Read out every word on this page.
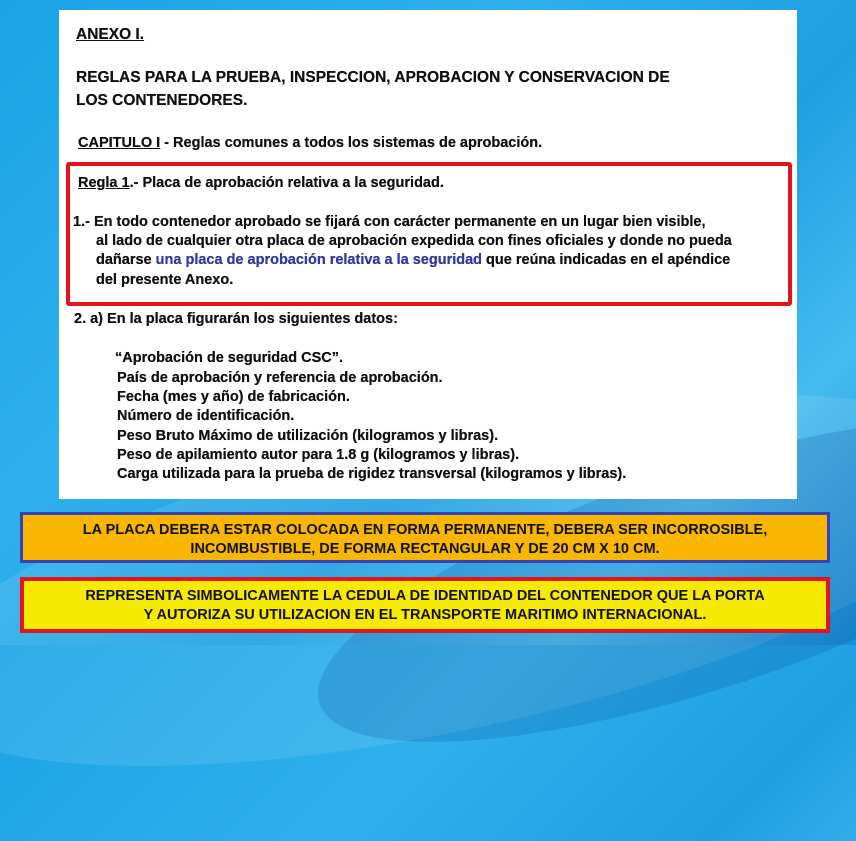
ANEXO I.
REGLAS PARA LA PRUEBA, INSPECCION, APROBACION Y CONSERVACION DE
LOS CONTENEDORES.
CAPITULO I - Reglas comunes a todos los sistemas de aprobación.
Regla 1.- Placa de aprobación relativa a la seguridad.
1.- En todo contenedor aprobado se fijará con carácter permanente en un lugar bien visible,
al lado de cualquier otra placa de aprobación expedida con fines oficiales y donde no pueda
dañarse una placa de aprobación relativa a la seguridad que reúna indicadas en el apéndice
del presente Anexo.
2. a) En la placa figurarán los siguientes datos:
“Aprobación de seguridad CSC”.
País de aprobación y referencia de aprobación.
Fecha (mes y año) de fabricación.
Número de identificación.
Peso Bruto Máximo de utilización (kilogramos y libras).
Peso de apilamiento autor para 1.8 g (kilogramos y libras).
Carga utilizada para la prueba de rigidez transversal (kilogramos y libras).
LA PLACA DEBERA ESTAR COLOCADA EN FORMA PERMANENTE, DEBERA SER INCORROSIBLE,
INCOMBUSTIBLE, DE FORMA RECTANGULAR Y DE 20 CM X 10 CM.
REPRESENTA SIMBOLICAMENTE LA CEDULA DE IDENTIDAD DEL CONTENEDOR QUE LA PORTA
Y AUTORIZA SU UTILIZACION EN EL TRANSPORTE MARITIMO INTERNACIONAL.
